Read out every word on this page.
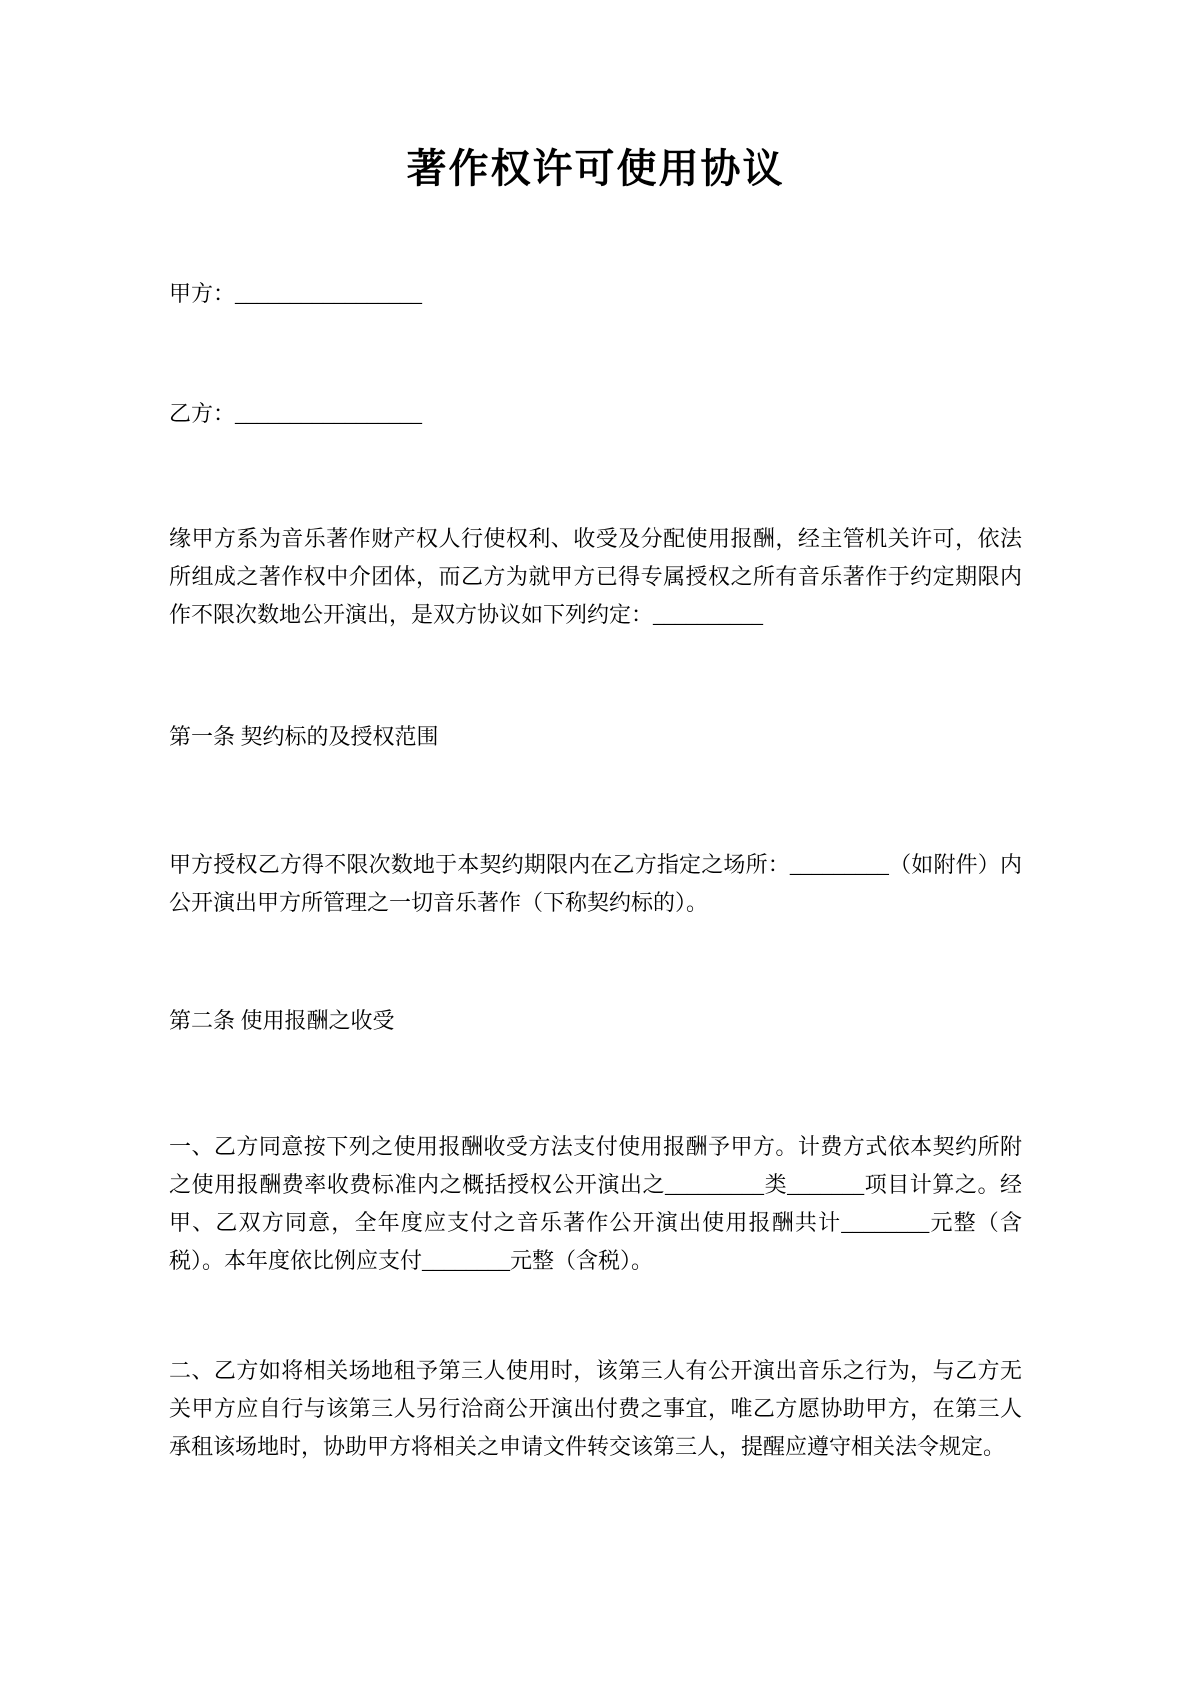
著作权许可使用协议

甲方：_________________

乙方：_________________

缘甲方系为音乐著作财产权人行使权利、收受及分配使用报酬，经主管机关许可，依法所组成之著作权中介团体，而乙方为就甲方已得专属授权之所有音乐著作于约定期限内作不限次数地公开演出，是双方协议如下列约定：__________

第一条 契约标的及授权范围

甲方授权乙方得不限次数地于本契约期限内在乙方指定之场所：_________（如附件）内公开演出甲方所管理之一切音乐著作（下称契约标的）。

第二条 使用报酬之收受

一、乙方同意按下列之使用报酬收受方法支付使用报酬予甲方。计费方式依本契约所附之使用报酬费率收费标准内之概括授权公开演出之_________类_______项目计算之。经甲、乙双方同意，全年度应支付之音乐著作公开演出使用报酬共计________元整（含税）。本年度依比例应支付________元整（含税）。

二、乙方如将相关场地租予第三人使用时，该第三人有公开演出音乐之行为，与乙方无关甲方应自行与该第三人另行洽商公开演出付费之事宜，唯乙方愿协助甲方，在第三人承租该场地时，协助甲方将相关之申请文件转交该第三人，提醒应遵守相关法令规定。
